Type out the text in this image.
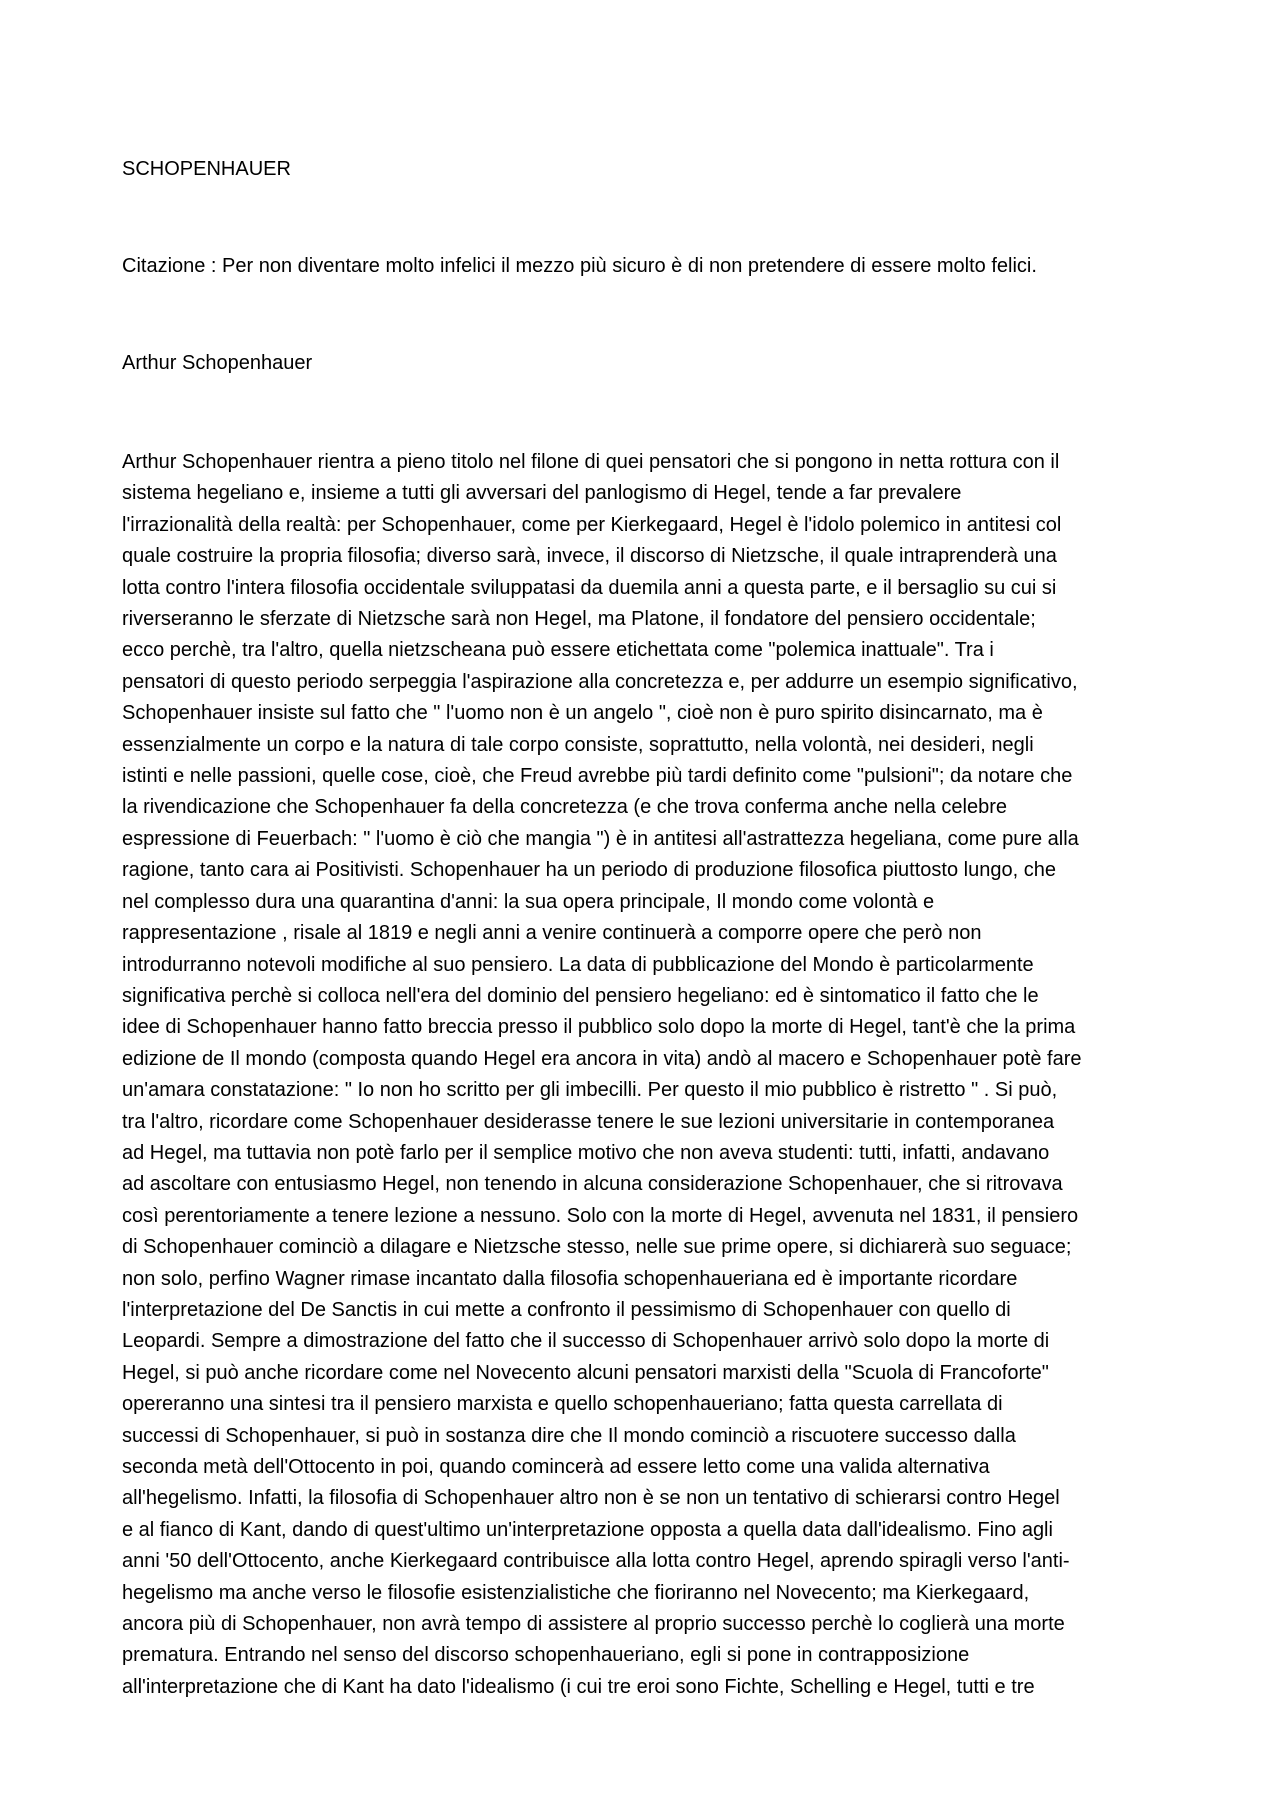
SCHOPENHAUER

Citazione : Per non diventare molto infelici il mezzo più sicuro è di non pretendere di essere molto felici.

Arthur Schopenhauer

Arthur Schopenhauer rientra a pieno titolo nel filone di quei pensatori che si pongono in netta rottura con il
sistema hegeliano e, insieme a tutti gli avversari del panlogismo di Hegel, tende a far prevalere
l'irrazionalità della realtà: per Schopenhauer, come per Kierkegaard, Hegel è l'idolo polemico in antitesi col
quale costruire la propria filosofia; diverso sarà, invece, il discorso di Nietzsche, il quale intraprenderà una
lotta contro l'intera filosofia occidentale sviluppatasi da duemila anni a questa parte, e il bersaglio su cui si
riverseranno le sferzate di Nietzsche sarà non Hegel, ma Platone, il fondatore del pensiero occidentale;
ecco perchè, tra l'altro, quella nietzscheana può essere etichettata come "polemica inattuale". Tra i
pensatori di questo periodo serpeggia l'aspirazione alla concretezza e, per addurre un esempio significativo,
Schopenhauer insiste sul fatto che " l'uomo non è un angelo ", cioè non è puro spirito disincarnato, ma è
essenzialmente un corpo e la natura di tale corpo consiste, soprattutto, nella volontà, nei desideri, negli
istinti e nelle passioni, quelle cose, cioè, che Freud avrebbe più tardi definito come "pulsioni"; da notare che
la rivendicazione che Schopenhauer fa della concretezza (e che trova conferma anche nella celebre
espressione di Feuerbach: " l'uomo è ciò che mangia ") è in antitesi all'astrattezza hegeliana, come pure alla
ragione, tanto cara ai Positivisti. Schopenhauer ha un periodo di produzione filosofica piuttosto lungo, che
nel complesso dura una quarantina d'anni: la sua opera principale, Il mondo come volontà e
rappresentazione , risale al 1819 e negli anni a venire continuerà a comporre opere che però non
introdurranno notevoli modifiche al suo pensiero. La data di pubblicazione del Mondo è particolarmente
significativa perchè si colloca nell'era del dominio del pensiero hegeliano: ed è sintomatico il fatto che le
idee di Schopenhauer hanno fatto breccia presso il pubblico solo dopo la morte di Hegel, tant'è che la prima
edizione de Il mondo (composta quando Hegel era ancora in vita) andò al macero e Schopenhauer potè fare
un'amara constatazione: " Io non ho scritto per gli imbecilli. Per questo il mio pubblico è ristretto " . Si può,
tra l'altro, ricordare come Schopenhauer desiderasse tenere le sue lezioni universitarie in contemporanea
ad Hegel, ma tuttavia non potè farlo per il semplice motivo che non aveva studenti: tutti, infatti, andavano
ad ascoltare con entusiasmo Hegel, non tenendo in alcuna considerazione Schopenhauer, che si ritrovava
così perentoriamente a tenere lezione a nessuno. Solo con la morte di Hegel, avvenuta nel 1831, il pensiero
di Schopenhauer cominciò a dilagare e Nietzsche stesso, nelle sue prime opere, si dichiarerà suo seguace;
non solo, perfino Wagner rimase incantato dalla filosofia schopenhaueriana ed è importante ricordare
l'interpretazione del De Sanctis in cui mette a confronto il pessimismo di Schopenhauer con quello di
Leopardi. Sempre a dimostrazione del fatto che il successo di Schopenhauer arrivò solo dopo la morte di
Hegel, si può anche ricordare come nel Novecento alcuni pensatori marxisti della "Scuola di Francoforte"
opereranno una sintesi tra il pensiero marxista e quello schopenhaueriano; fatta questa carrellata di
successi di Schopenhauer, si può in sostanza dire che Il mondo cominciò a riscuotere successo dalla
seconda metà dell'Ottocento in poi, quando comincerà ad essere letto come una valida alternativa
all'hegelismo. Infatti, la filosofia di Schopenhauer altro non è se non un tentativo di schierarsi contro Hegel
e al fianco di Kant, dando di quest'ultimo un'interpretazione opposta a quella data dall'idealismo. Fino agli
anni '50 dell'Ottocento, anche Kierkegaard contribuisce alla lotta contro Hegel, aprendo spiragli verso l'anti-
hegelismo ma anche verso le filosofie esistenzialistiche che fioriranno nel Novecento; ma Kierkegaard,
ancora più di Schopenhauer, non avrà tempo di assistere al proprio successo perchè lo coglierà una morte
prematura. Entrando nel senso del discorso schopenhaueriano, egli si pone in contrapposizione
all'interpretazione che di Kant ha dato l'idealismo (i cui tre eroi sono Fichte, Schelling e Hegel, tutti e tre
